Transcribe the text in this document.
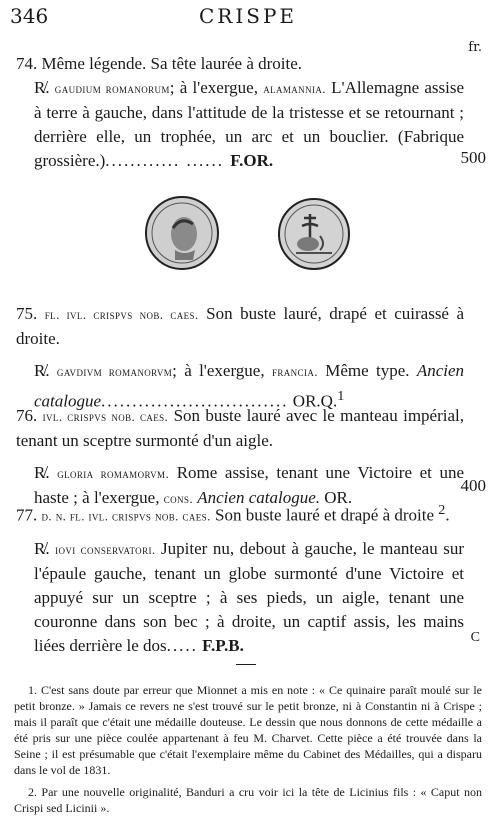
346	CRISPE
fr.
74. Même légende. Sa tête laurée à droite.
R̸. gaudium romanorum; à l'exergue, alamannia. L'Allemagne assise à terre à gauche, dans l'attitude de la tristesse et se retournant ; derrière elle, un trophée, un arc et un bouclier. (Fabrique grossière.)............ ...... F.OR.	500
75. fl. ivl. crispvs nob. caes. Son buste lauré, drapé et cuirassé à droite.
R̸. gavdivm romanorvm; à l'exergue, francia. Même type. Ancien catalogue.............................. OR.Q.$^1$
76. ivl. crispvs nob. caes. Son buste lauré avec le manteau impérial, tenant un sceptre surmonté d'un aigle.
R̸. gloria romamorvm. Rome assise, tenant une Victoire et une haste ; à l'exergue, cons. Ancien catalogue. OR.
400
77. d. n. fl. ivl. crispvs nob. caes. Son buste lauré et drapé à droite $^2$.
R̸. iovi conservatori. Jupiter nu, debout à gauche, le manteau sur l'épaule gauche, tenant un globe surmonté d'une Victoire et appuyé sur un sceptre ; à ses pieds, un aigle, tenant une couronne dans son bec ; à droite, un captif assis, les mains liées derrière le dos..... F.P.B.	C

1. C'est sans doute par erreur que Mionnet a mis en note : « Ce quinaire paraît moulé sur le petit bronze. » Jamais ce revers ne s'est trouvé sur le petit bronze, ni à Constantin ni à Crispe ; mais il paraît que c'était une médaille douteuse. Le dessin que nous donnons de cette médaille a été pris sur une pièce coulée appartenant à feu M. Charvet. Cette pièce a été trouvée dans la Seine ; il est présumable que c'était l'exemplaire même du Cabinet des Médailles, qui a disparu dans le vol de 1831.

2. Par une nouvelle originalité, Banduri a cru voir ici la tête de Licinius fils : « Caput non Crispi sed Licinii ».
